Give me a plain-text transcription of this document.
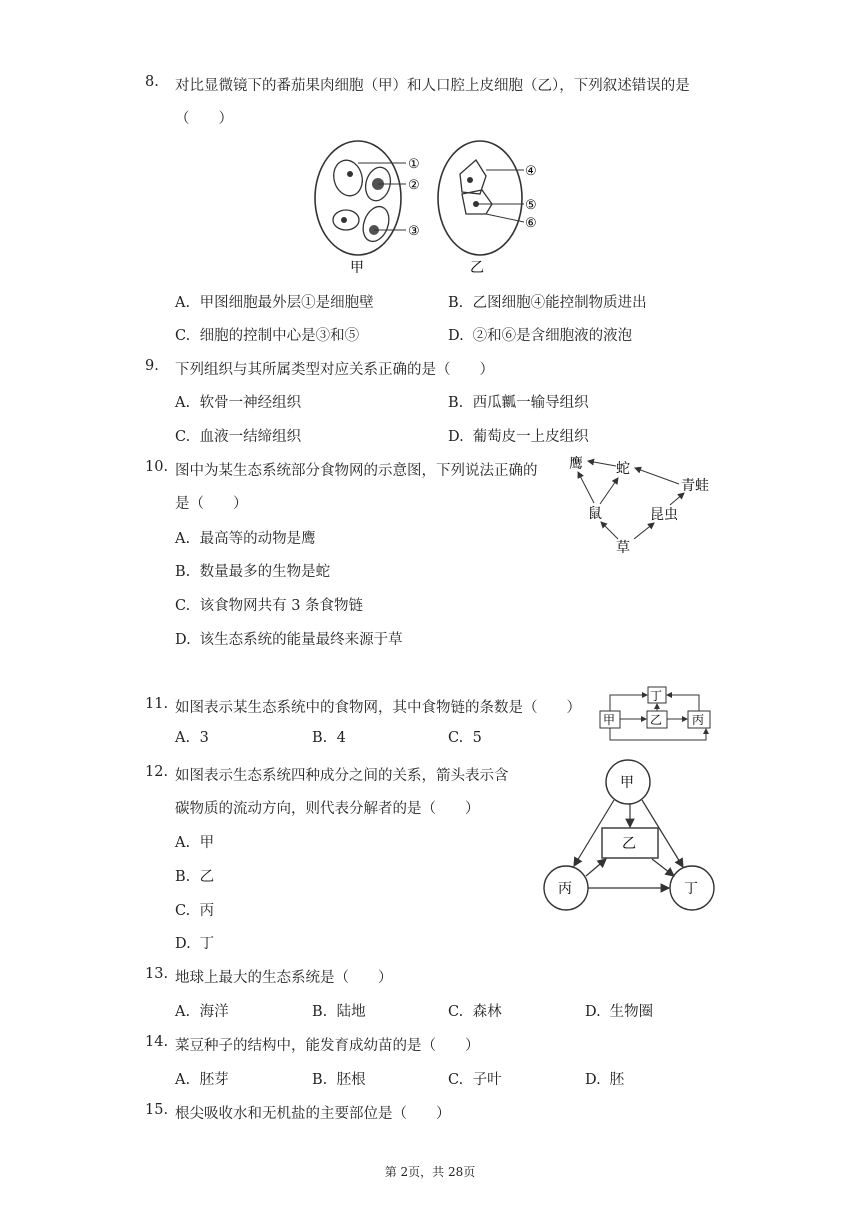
8.	对比显微镜下的番茄果肉细胞（甲）和人口腔上皮细胞（乙），下列叙述错误的是
（　　）
①
②
③
④
⑤
⑥
甲	乙
A. 甲图细胞最外层①是细胞壁	B. 乙图细胞④能控制物质进出
C. 细胞的控制中心是③和⑤	D. ②和⑥是含细胞液的液泡
9.	下列组织与其所属类型对应关系正确的是（　　）
A. 软骨一神经组织	B. 西瓜瓤一输导组织
C. 血液一结缔组织	D. 葡萄皮一上皮组织
10. 图中为某生态系统部分食物网的示意图，下列说法正确的
是（　　）
鹰 蛇
青蛙
鼠	昆虫
草
A. 最高等的动物是鹰
B. 数量最多的生物是蛇
C. 该食物网共有 3 条食物链
D. 该生态系统的能量最终来源于草
11. 如图表示某生态系统中的食物网，其中食物链的条数是（　　）
丁
甲	乙 丙
A. 3	B. 4	C. 5
12. 如图表示生态系统四种成分之间的关系，箭头表示含
碳物质的流动方向，则代表分解者的是（　　）
甲
丙	丁
乙
A. 甲
B. 乙
C. 丙
D. 丁
13. 地球上最大的生态系统是（　　）
A. 海洋	B. 陆地	C. 森林	D. 生物圈
14. 菜豆种子的结构中，能发育成幼苗的是（　　）
A. 胚芽	B. 胚根	C. 子叶	D. 胚
15. 根尖吸收水和无机盐的主要部位是（　　）
第 2页，共 28页
